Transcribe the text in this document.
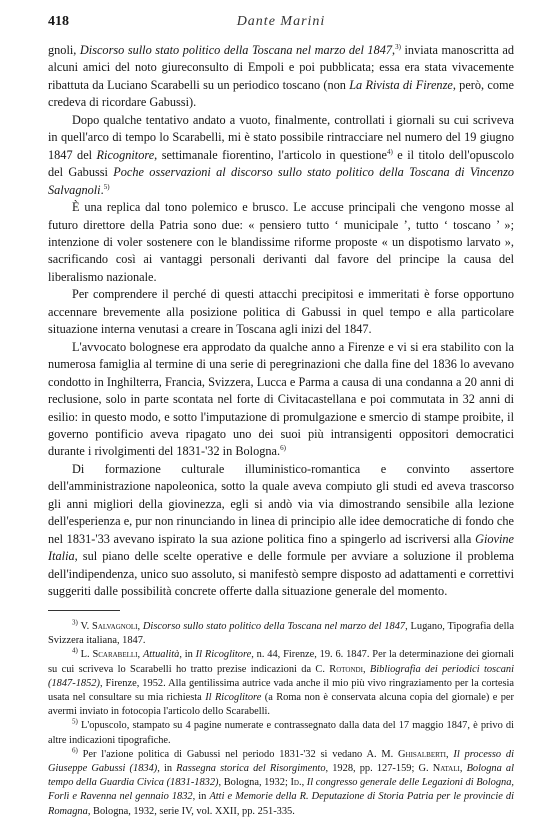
418	Dante Marini

gnoli, Discorso sullo stato politico della Toscana nel marzo del 1847,$^{3)}$ inviata manoscritta ad alcuni amici del noto giureconsulto di Empoli e poi pubblicata; essa era stata vivacemente ribattuta da Luciano Scarabelli su un periodico toscano (non La Rivista di Firenze, però, come credeva di ricordare Gabussi).

Dopo qualche tentativo andato a vuoto, finalmente, controllati i giornali su cui scriveva in quell'arco di tempo lo Scarabelli, mi è stato possibile rintracciare nel numero del 19 giugno 1847 del Ricognitore, settimanale fiorentino, l'articolo in questione$^{4)}$ e il titolo dell'opuscolo del Gabussi Poche osservazioni al discorso sullo stato politico della Toscana di Vincenzo Salvagnoli.$^{5)}$

È una replica dal tono polemico e brusco. Le accuse principali che vengono mosse al futuro direttore della Patria sono due: « pensiero tutto ‘ municipale ’, tutto ‘ toscano ’ »; intenzione di voler sostenere con le blandissime riforme proposte « un dispotismo larvato », sacrificando così ai vantaggi personali derivanti dal favore del principe la causa del liberalismo nazionale.

Per comprendere il perché di questi attacchi precipitosi e immeritati è forse opportuno accennare brevemente alla posizione politica di Gabussi in quel tempo e alla particolare situazione interna venutasi a creare in Toscana agli inizi del 1847.

L'avvocato bolognese era approdato da qualche anno a Firenze e vi si era stabilito con la numerosa famiglia al termine di una serie di peregrinazioni che dalla fine del 1836 lo avevano condotto in Inghilterra, Francia, Svizzera, Lucca e Parma a causa di una condanna a 20 anni di reclusione, solo in parte scontata nel forte di Civitacastellana e poi commutata in 32 anni di esilio: in questo modo, e sotto l'imputazione di promulgazione e smercio di stampe proibite, il governo pontificio aveva ripagato uno dei suoi più intransigenti oppositori democratici durante i rivolgimenti del 1831-'32 in Bologna.$^{6)}$

Di formazione culturale illuministico-romantica e convinto assertore dell'amministrazione napoleonica, sotto la quale aveva compiuto gli studi ed aveva trascorso gli anni migliori della giovinezza, egli si andò via via dimostrando sensibile alla lezione dell'esperienza e, pur non rinunciando in linea di principio alle idee democratiche di fondo che nel 1831-'33 avevano ispirato la sua azione politica fino a spingerlo ad iscriversi alla Giovine Italia, sul piano delle scelte operative e delle formule per avviare a soluzione il problema dell'indipendenza, unico suo assoluto, si manifestò sempre disposto ad adattamenti e correttivi suggeriti dalle possibilità concrete offerte dalla situazione generale del momento.

$^{3)}$ V. Salvagnoli, Discorso sullo stato politico della Toscana nel marzo del 1847, Lugano, Tipografia della Svizzera italiana, 1847.

$^{4)}$ L. Scarabelli, Attualità, in Il Ricoglitore, n. 44, Firenze, 19. 6. 1847. Per la determinazione dei giornali su cui scriveva lo Scarabelli ho tratto prezise indicazioni da C. Rotondi, Bibliografia dei periodici toscani (1847-1852), Firenze, 1952. Alla gentilissima autrice vada anche il mio più vivo ringraziamento per la cortesia usata nel consultare su mia richiesta Il Ricoglitore (a Roma non è conservata alcuna copia del giornale) e per avermi inviato in fotocopia l'articolo dello Scarabelli.

$^{5)}$ L'opuscolo, stampato su 4 pagine numerate e contrassegnato dalla data del 17 maggio 1847, è privo di altre indicazioni tipografiche.

$^{6)}$ Per l'azione politica di Gabussi nel periodo 1831-'32 si vedano A. M. Ghisalberti, Il processo di Giuseppe Gabussi (1834), in Rassegna storica del Risorgimento, 1928, pp. 127-159; G. Natali, Bologna al tempo della Guardia Civica (1831-1832), Bologna, 1932; Id., Il congresso generale delle Legazioni di Bologna, Forlì e Ravenna nel gennaio 1832, in Atti e Memorie della R. Deputazione di Storia Patria per le provincie di Romagna, Bologna, 1932, serie IV, vol. XXII, pp. 251-335.
